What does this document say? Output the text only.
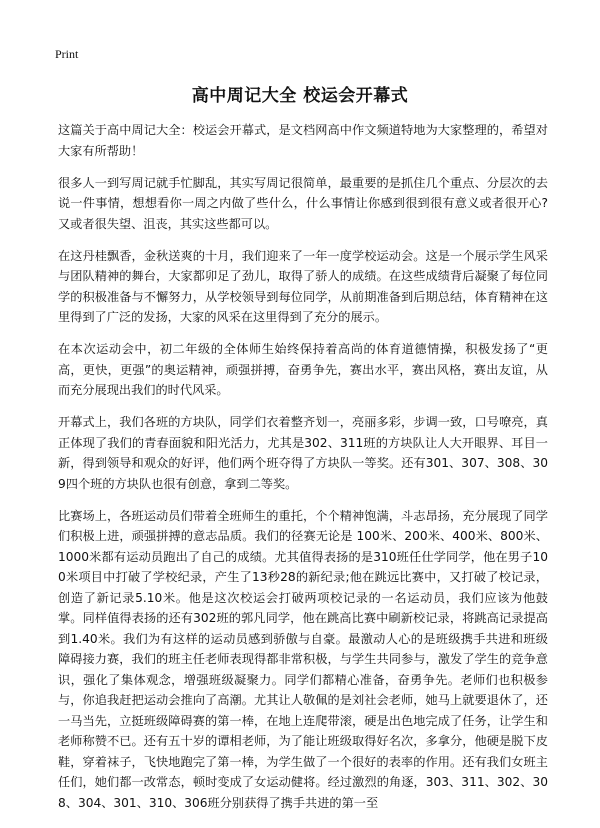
Print
高中周记大全 校运会开幕式

这篇关于高中周记大全：校运会开幕式，是文档网高中作文频道特地为大家整理的，希望对大家有所帮助！

很多人一到写周记就手忙脚乱，其实写周记很简单，最重要的是抓住几个重点、分层次的去说一件事情，想想看你一周之内做了些什么，什么事情让你感到很到很有意义或者很开心?又或者很失望、沮丧，其实这些都可以。

在这丹桂飘香，金秋送爽的十月，我们迎来了一年一度学校运动会。这是一个展示学生风采与团队精神的舞台，大家都卯足了劲儿，取得了骄人的成绩。在这些成绩背后凝聚了每位同学的积极准备与不懈努力，从学校领导到每位同学，从前期准备到后期总结，体育精神在这里得到了广泛的发扬，大家的风采在这里得到了充分的展示。

在本次运动会中，初二年级的全体师生始终保持着高尚的体育道德情操，积极发扬了“更高，更快，更强”的奥运精神，顽强拼搏，奋勇争先，赛出水平，赛出风格，赛出友谊，从而充分展现出我们的时代风采。

开幕式上，我们各班的方块队，同学们衣着整齐划一，亮丽多彩，步调一致，口号嘹亮，真正体现了我们的青春面貌和阳光活力，尤其是302、311班的方块队让人大开眼界、耳目一新，得到领导和观众的好评，他们两个班夺得了方块队一等奖。还有301、307、308、309四个班的方块队也很有创意，拿到二等奖。

比赛场上，各班运动员们带着全班师生的重托，个个精神饱满，斗志昂扬，充分展现了同学们积极上进，顽强拼搏的意志品质。我们的径赛无论是 100米、200米、400米、800米、1000米都有运动员跑出了自己的成绩。尤其值得表扬的是310班任仕学同学，他在男子100米项目中打破了学校纪录，产生了13秒28的新纪录;他在跳远比赛中，又打破了校记录，创造了新记录5.10米。他是这次校运会打破两项校记录的一名运动员，我们应该为他鼓掌。同样值得表扬的还有302班的郭凡同学，他在跳高比赛中刷新校记录，将跳高记录提高到1.40米。我们为有这样的运动员感到骄傲与自豪。最激动人心的是班级携手共进和班级障碍接力赛，我们的班主任老师表现得都非常积极，与学生共同参与，激发了学生的竞争意识，强化了集体观念，增强班级凝聚力。同学们都精心准备，奋勇争先。老师们也积极参与，你追我赶把运动会推向了高潮。尤其让人敬佩的是刘社会老师，她马上就要退休了，还一马当先，立挺班级障碍赛的第一棒，在地上连爬带滚，硬是出色地完成了任务，让学生和老师称赞不已。还有五十岁的谭相老师，为了能让班级取得好名次，多拿分，他硬是脱下皮鞋，穿着袜子，飞快地跑完了第一棒，为学生做了一个很好的表率的作用。还有我们女班主任们，她们都一改常态，顿时变成了女运动健将。经过激烈的角逐，303、311、302、308、304、301、310、306班分别获得了携手共进的第一至
